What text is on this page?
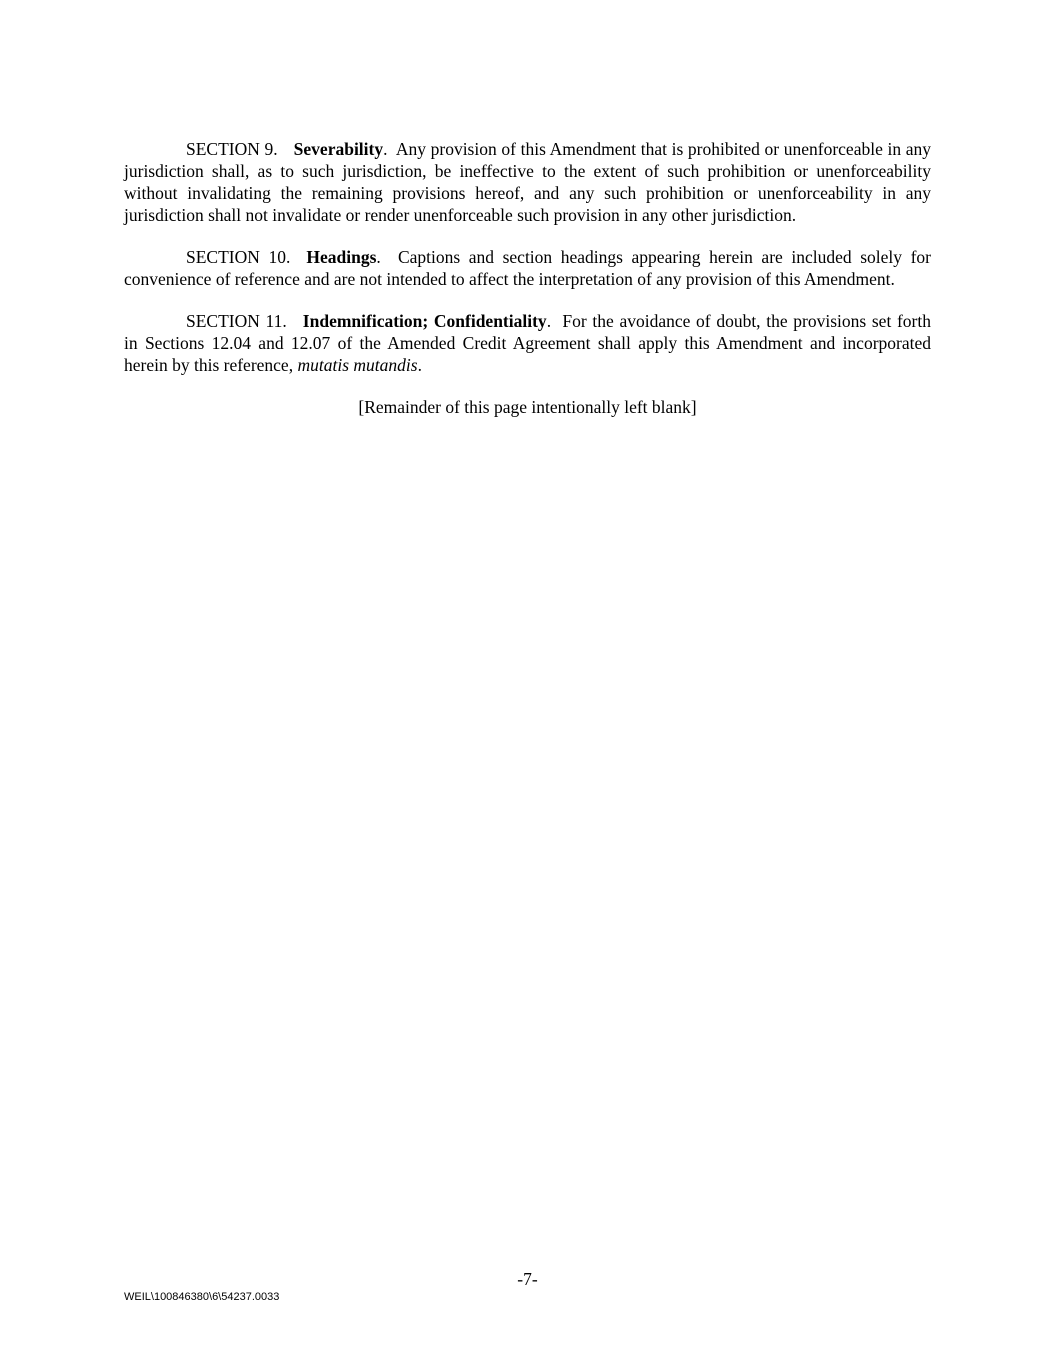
SECTION 9. Severability.  Any provision of this Amendment that is prohibited or unenforceable in any jurisdiction shall, as to such jurisdiction, be ineffective to the extent of such prohibition or unenforceability without invalidating the remaining provisions hereof, and any such prohibition or unenforceability in any jurisdiction shall not invalidate or render unenforceable such provision in any other jurisdiction.

SECTION 10. Headings.  Captions and section headings appearing herein are included solely for convenience of reference and are not intended to affect the interpretation of any provision of this Amendment.

SECTION 11. Indemnification; Confidentiality.  For the avoidance of doubt, the provisions set forth in Sections 12.04 and 12.07 of the Amended Credit Agreement shall apply this Amendment and incorporated herein by this reference, mutatis mutandis.

[Remainder of this page intentionally left blank]

-7-
WEIL\100846380\6\54237.0033
